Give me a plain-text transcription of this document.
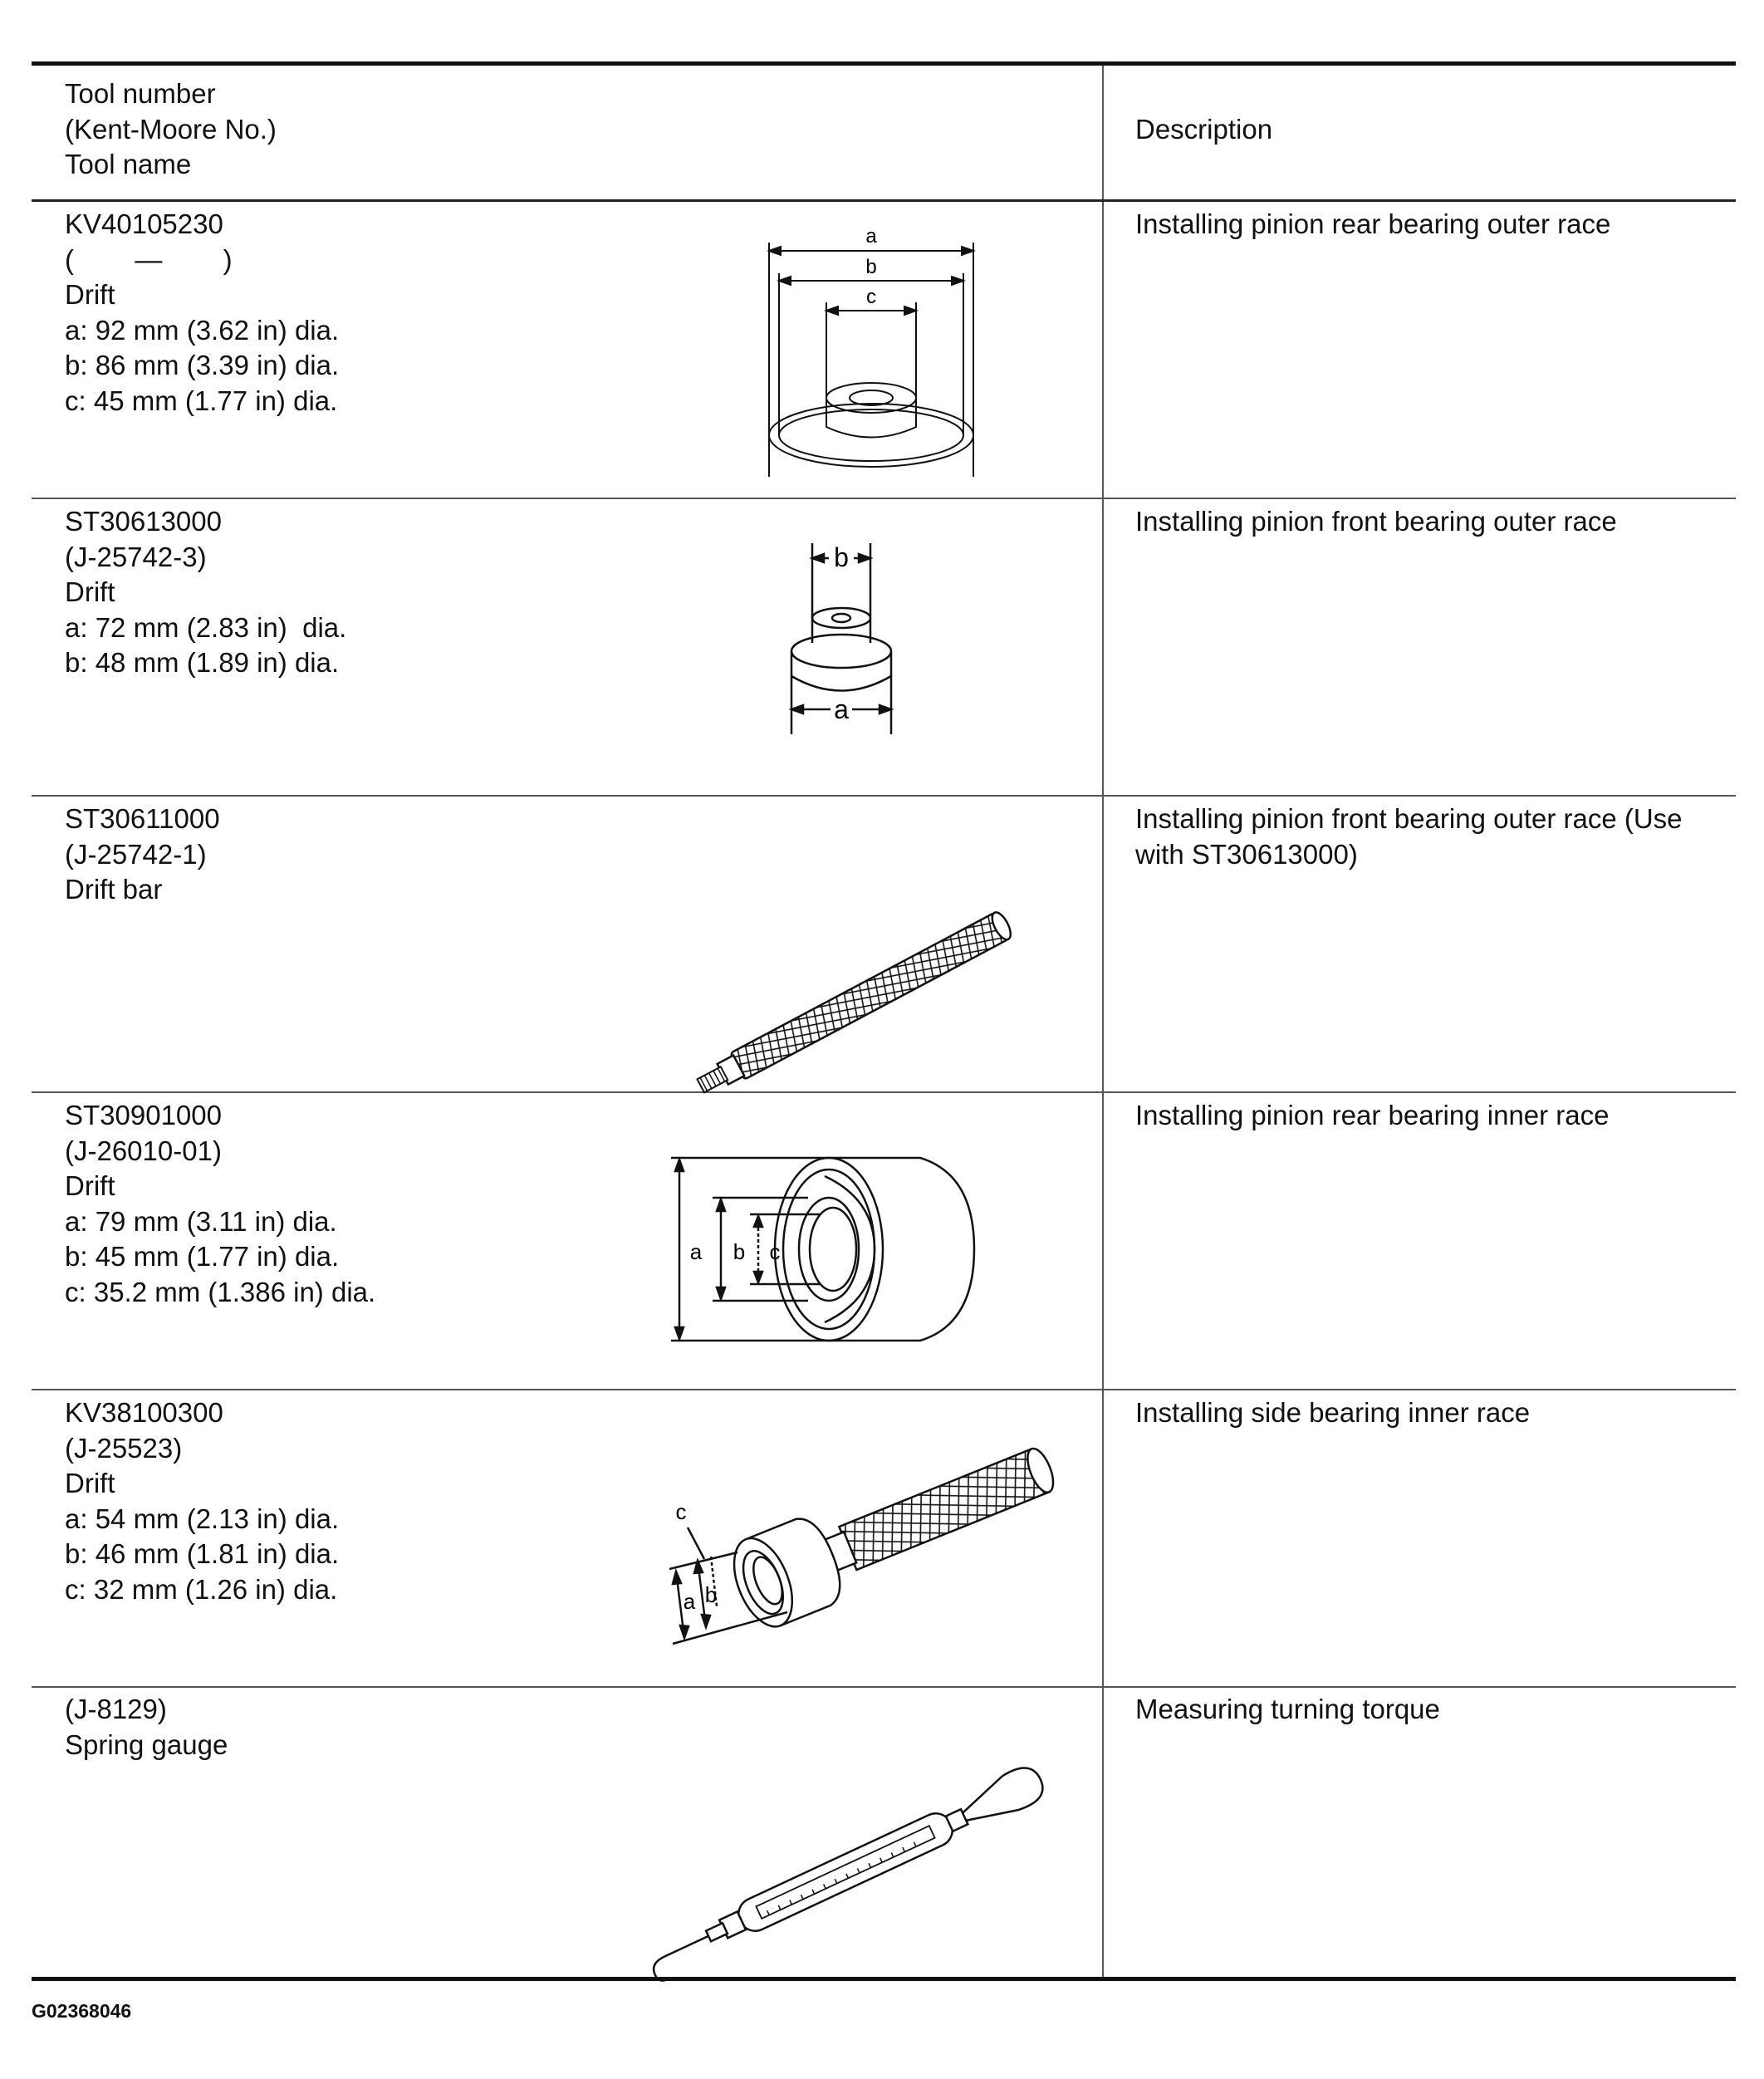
Tool number
(Kent-Moore No.)
Tool name
Description
KV40105230
(        —        )
Drift
a: 92 mm (3.62 in) dia.
b: 86 mm (3.39 in) dia.
c: 45 mm (1.77 in) dia.
Installing pinion rear bearing outer race
a
b
c
ST30613000
(J-25742-3)
Drift
a: 72 mm (2.83 in)  dia.
b: 48 mm (1.89 in) dia.
Installing pinion front bearing outer race
b
a
ST30611000
(J-25742-1)
Drift bar
Installing pinion front bearing outer race (Use
with ST30613000)
ST30901000
(J-26010-01)
Drift
a: 79 mm (3.11 in) dia.
b: 45 mm (1.77 in) dia.
c: 35.2 mm (1.386 in) dia.
Installing pinion rear bearing inner race
a b c
KV38100300
(J-25523)
Drift
a: 54 mm (2.13 in) dia.
b: 46 mm (1.81 in) dia.
c: 32 mm (1.26 in) dia.
Installing side bearing inner race
c
a b
(J-8129)
Spring gauge
Measuring turning torque
G02368046
